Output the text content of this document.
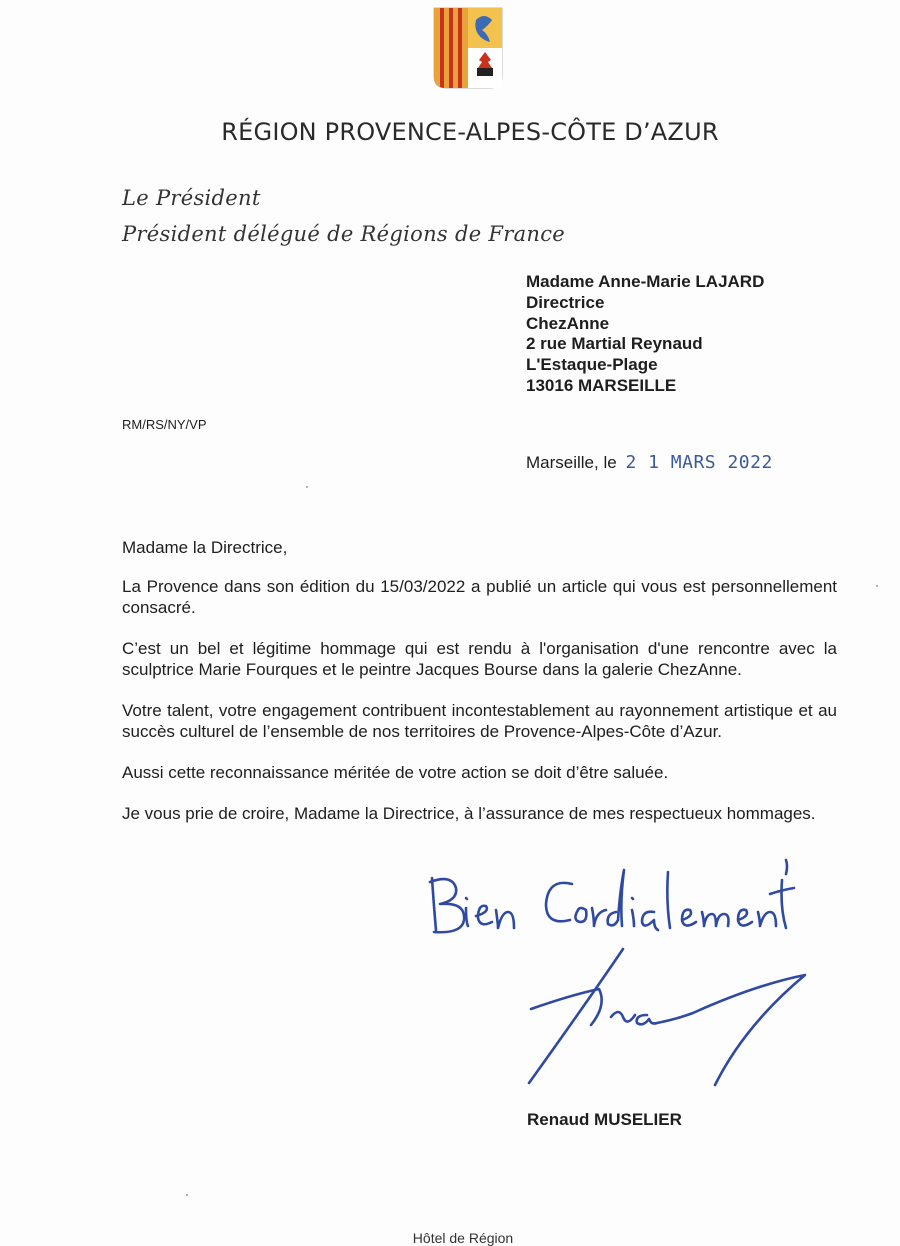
RÉGION PROVENCE-ALPES-CÔTE D’AZUR
Le Président
Président délégué de Régions de France
Madame Anne-Marie LAJARD
Directrice
ChezAnne
2 rue Martial Reynaud
L'Estaque-Plage
13016 MARSEILLE
RM/RS/NY/VP
Marseille, le 2 1 MARS 2022

Madame la Directrice,

La Provence dans son édition du 15/03/2022 a publié un article qui vous est personnellement consacré.

C’est un bel et légitime hommage qui est rendu à l'organisation d'une rencontre avec la sculptrice Marie Fourques et le peintre Jacques Bourse dans la galerie ChezAnne.

Votre talent, votre engagement contribuent incontestablement au rayonnement artistique et au succès culturel de l’ensemble de nos territoires de Provence-Alpes-Côte d’Azur.

Aussi cette reconnaissance méritée de votre action se doit d’être saluée.

Je vous prie de croire, Madame la Directrice, à l’assurance de mes respectueux hommages.

Renaud MUSELIER
Hôtel de Région
